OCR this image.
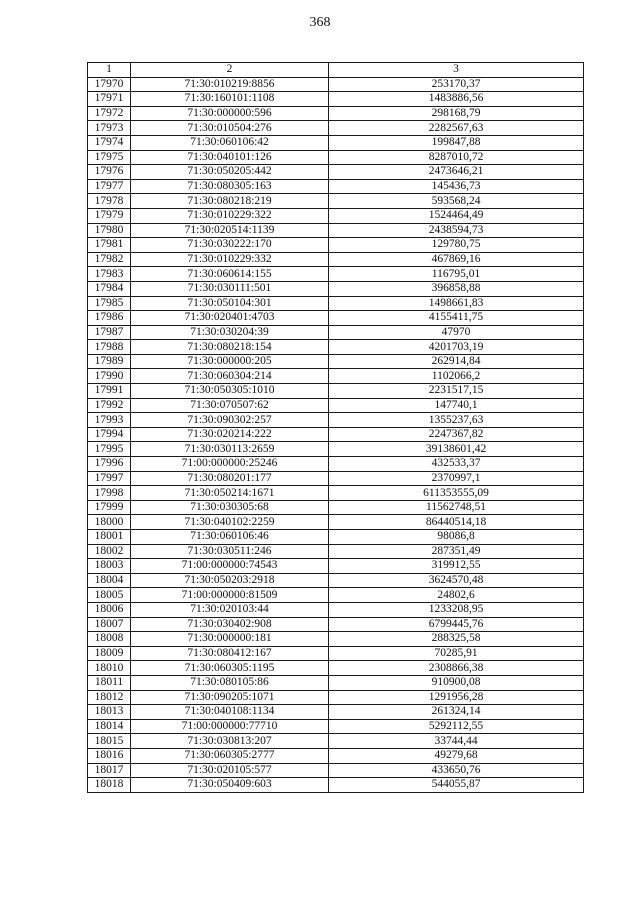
368
1	2	3
17970	71:30:010219:8856	253170,37
17971	71:30:160101:1108	1483886,56
17972	71:30:000000:596	298168,79
17973	71:30:010504:276	2282567,63
17974	71:30:060106:42	199847,88
17975	71:30:040101:126	8287010,72
17976	71:30:050205:442	2473646,21
17977	71:30:080305:163	145436,73
17978	71:30:080218:219	593568,24
17979	71:30:010229:322	1524464,49
17980	71:30:020514:1139	2438594,73
17981	71:30:030222:170	129780,75
17982	71:30:010229:332	467869,16
17983	71:30:060614:155	116795,01
17984	71:30:030111:501	396858,88
17985	71:30:050104:301	1498661,83
17986	71:30:020401:4703	4155411,75
17987	71:30:030204:39	47970
17988	71:30:080218:154	4201703,19
17989	71:30:000000:205	262914,84
17990	71:30:060304:214	1102066,2
17991	71:30:050305:1010	2231517,15
17992	71:30:070507:62	147740,1
17993	71:30:090302:257	1355237,63
17994	71:30:020214:222	2247367,82
17995	71:30:030113:2659	39138601,42
17996	71:00:000000:25246	432533,37
17997	71:30:080201:177	2370997,1
17998	71:30:050214:1671	611353555,09
17999	71:30:030305:68	11562748,51
18000	71:30:040102:2259	86440514,18
18001	71:30:060106:46	98086,8
18002	71:30:030511:246	287351,49
18003	71:00:000000:74543	319912,55
18004	71:30:050203:2918	3624570,48
18005	71:00:000000:81509	24802,6
18006	71:30:020103:44	1233208,95
18007	71:30:030402:908	6799445,76
18008	71:30:000000:181	288325,58
18009	71:30:080412:167	70285,91
18010	71:30:060305:1195	2308866,38
18011	71:30:080105:86	910900,08
18012	71:30:090205:1071	1291956,28
18013	71:30:040108:1134	261324,14
18014	71:00:000000:77710	5292112,55
18015	71:30:030813:207	33744,44
18016	71:30:060305:2777	49279,68
18017	71:30:020105:577	433650,76
18018	71:30:050409:603	544055,87
